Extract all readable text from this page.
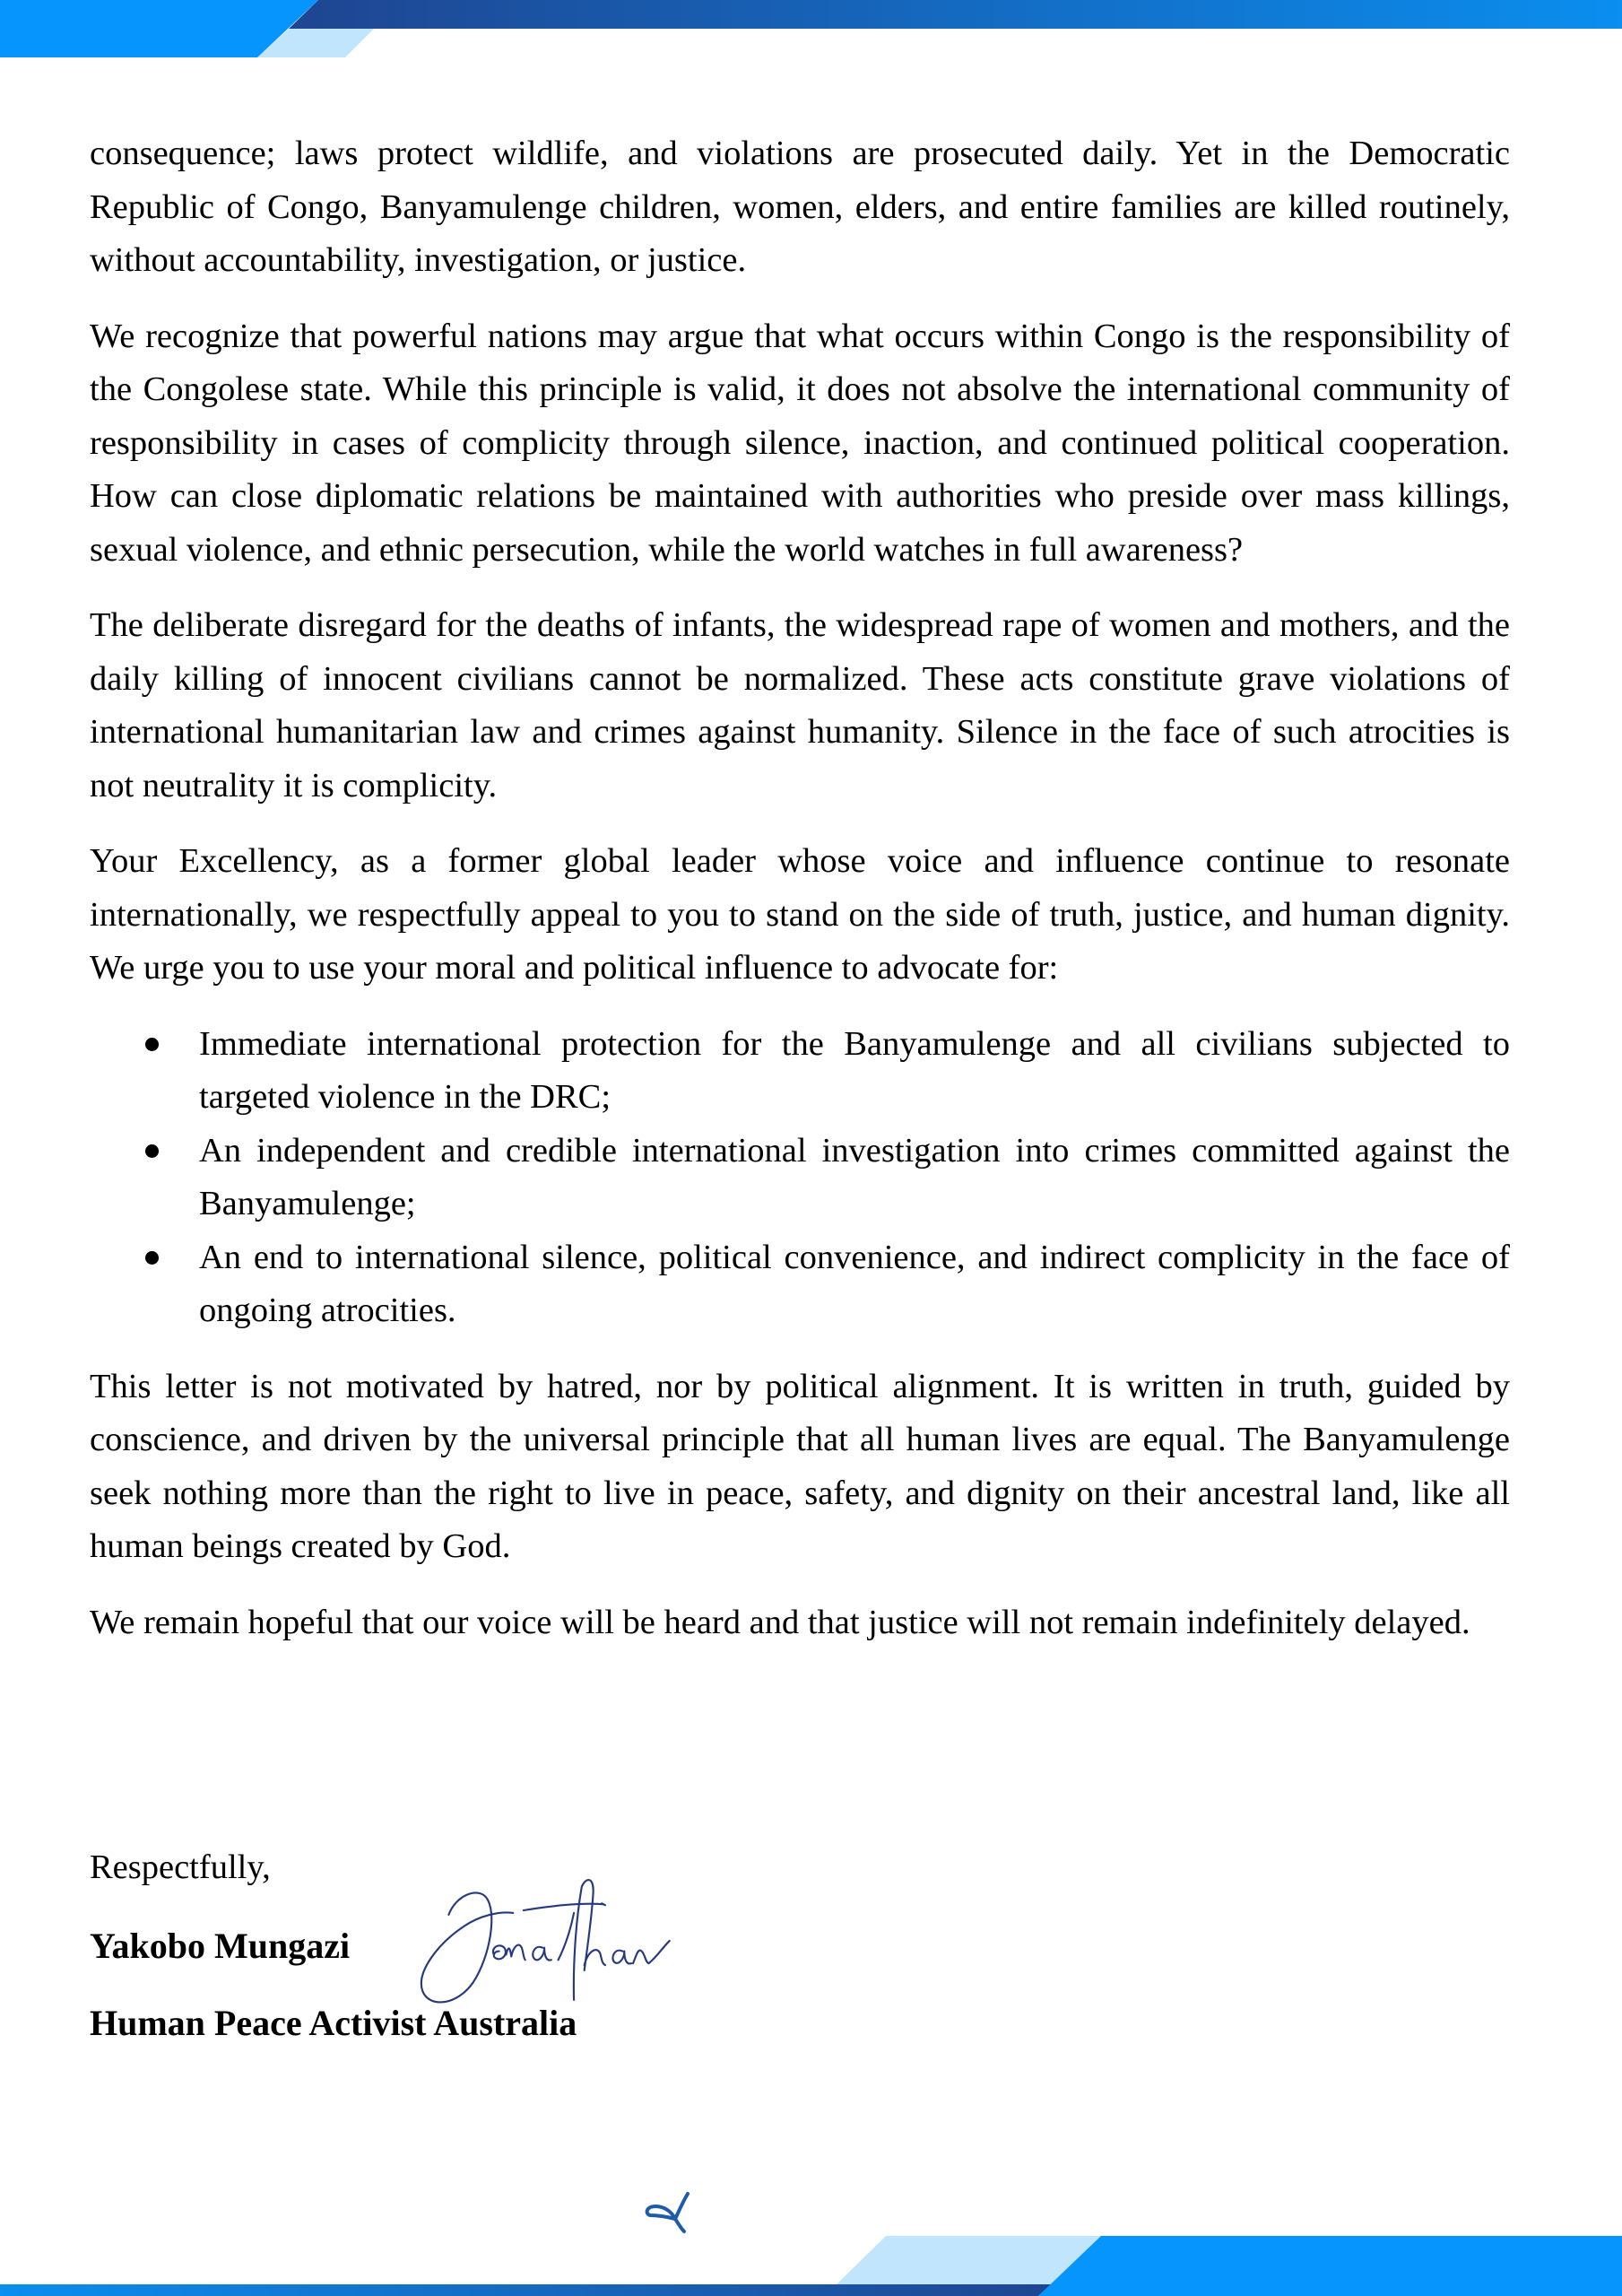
consequence; laws protect wildlife, and violations are prosecuted daily. Yet in the Democratic Republic of Congo, Banyamulenge children, women, elders, and entire families are killed routinely, without accountability, investigation, or justice.

We recognize that powerful nations may argue that what occurs within Congo is the responsibility of the Congolese state. While this principle is valid, it does not absolve the international community of responsibility in cases of complicity through silence, inaction, and continued political cooperation. How can close diplomatic relations be maintained with authorities who preside over mass killings, sexual violence, and ethnic persecution, while the world watches in full awareness?

The deliberate disregard for the deaths of infants, the widespread rape of women and mothers, and the daily killing of innocent civilians cannot be normalized. These acts constitute grave violations of international humanitarian law and crimes against humanity. Silence in the face of such atrocities is not neutrality it is complicity.

Your Excellency, as a former global leader whose voice and influence continue to resonate internationally, we respectfully appeal to you to stand on the side of truth, justice, and human dignity. We urge you to use your moral and political influence to advocate for:

Immediate international protection for the Banyamulenge and all civilians subjected to targeted violence in the DRC;
An independent and credible international investigation into crimes committed against the Banyamulenge;
An end to international silence, political convenience, and indirect complicity in the face of ongoing atrocities.

This letter is not motivated by hatred, nor by political alignment. It is written in truth, guided by conscience, and driven by the universal principle that all human lives are equal. The Banyamulenge seek nothing more than the right to live in peace, safety, and dignity on their ancestral land, like all human beings created by God.

We remain hopeful that our voice will be heard and that justice will not remain indefinitely delayed.

Respectfully,

Yakobo Mungazi

Human Peace Activist Australia
